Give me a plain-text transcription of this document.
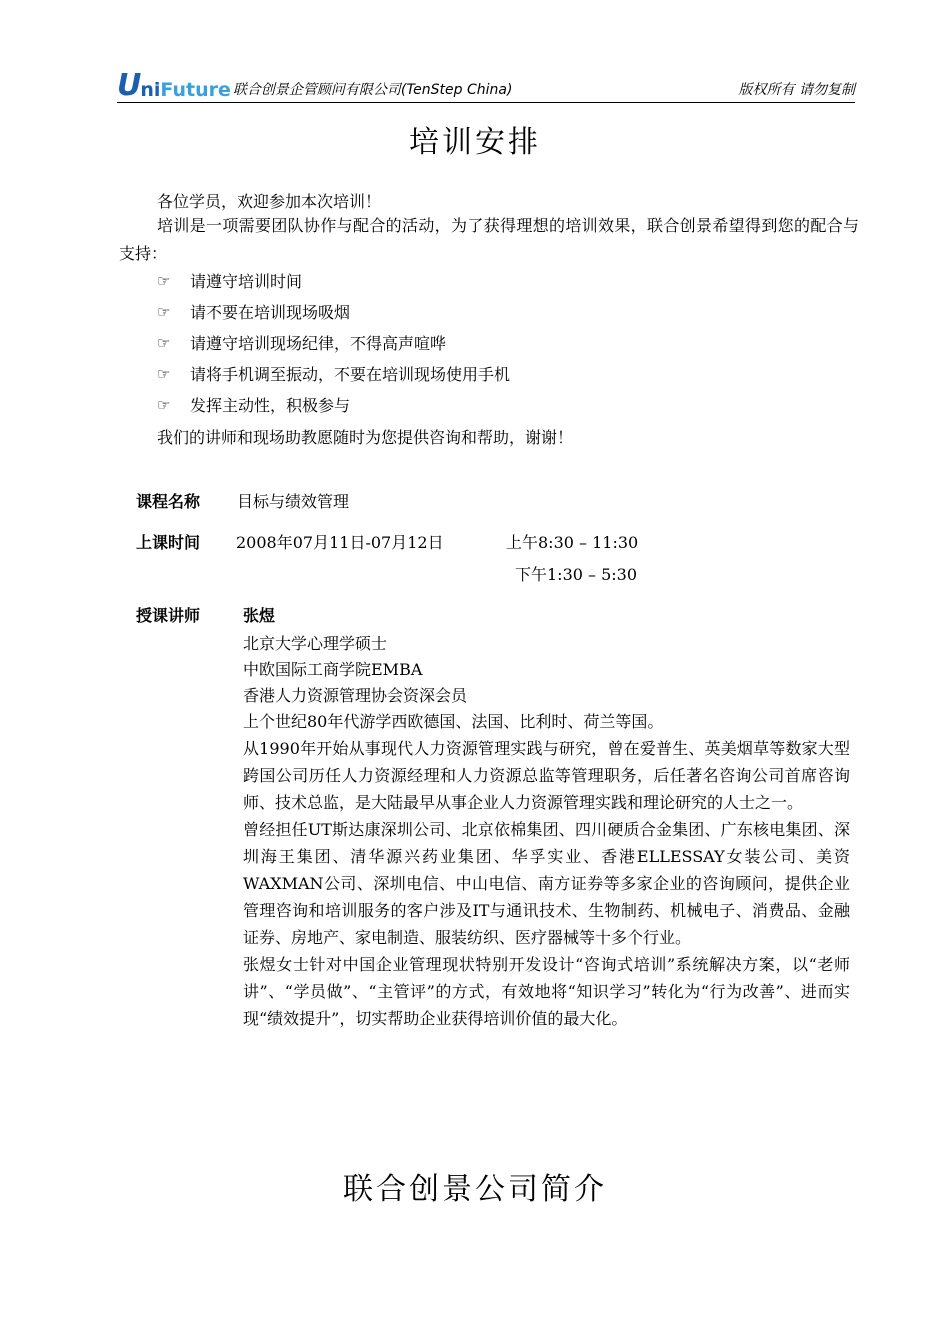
U ni Future 联合创景企管顾问有限公司(TenStep China)	版权所有 请勿复制
培训安排
各位学员，欢迎参加本次培训！
培训是一项需要团队协作与配合的活动，为了获得理想的培训效果，联合创景希望得到您的配合与支持：
☞	请遵守培训时间
☞	请不要在培训现场吸烟
☞	请遵守培训现场纪律，不得高声喧哗
☞	请将手机调至振动，不要在培训现场使用手机
☞	发挥主动性，积极参与
我们的讲师和现场助教愿随时为您提供咨询和帮助，谢谢！
课程名称 目标与绩效管理
上课时间 2008年07月11日-07月12日	上午8:30 – 11:30
下午1:30 – 5:30
授课讲师	张煜
北京大学心理学硕士
中欧国际工商学院EMBA
香港人力资源管理协会资深会员
上个世纪80年代游学西欧德国、法国、比利时、荷兰等国。
从1990年开始从事现代人力资源管理实践与研究，曾在爱普生、英美烟草等数家大型跨国公司历任人力资源经理和人力资源总监等管理职务，后任著名咨询公司首席咨询师、技术总监，是大陆最早从事企业人力资源管理实践和理论研究的人士之一。
曾经担任UT斯达康深圳公司、北京依棉集团、四川硬质合金集团、广东核电集团、深圳海王集团、清华源兴药业集团、华孚实业、香港ELLESSAY女装公司、美资WAXMAN公司、深圳电信、中山电信、南方证券等多家企业的咨询顾问，提供企业管理咨询和培训服务的客户涉及IT与通讯技术、生物制药、机械电子、消费品、金融证券、房地产、家电制造、服装纺织、医疗器械等十多个行业。
张煜女士针对中国企业管理现状特别开发设计“咨询式培训”系统解决方案，以“老师讲”、“学员做”、“主管评”的方式，有效地将“知识学习”转化为“行为改善”、进而实现“绩效提升”，切实帮助企业获得培训价值的最大化。
联合创景公司简介
